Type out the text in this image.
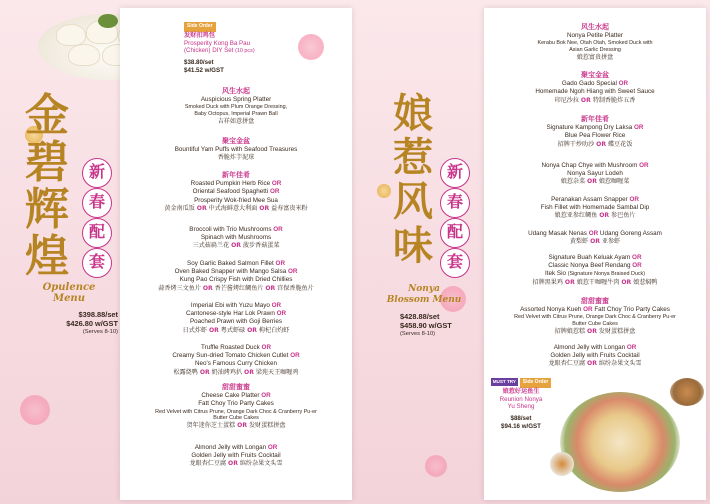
金
碧
辉
煌
新
春
配
套
Opulence
Menu
$398.88/set
$426.80 w/GST
(Serves 8-10)
Side Order
发财扣鸡包
Prosperity Kong Ba Pau
(Chicken) DIY Set (10 pcs)
$38.80/set
$41.52 w/GST
风生水起
Auspicious Spring Platter
Smoked Duck with Plum Orange Dressing,
Baby Octopus, Imperial Prawn Ball
吉祥如意拼盘
聚宝金盆
Bountiful Yam Puffs with Seafood Treasures
香脆炸芋泥球
新年佳肴
Roasted Pumpkin Herb Rice OR
Oriental Seafood Spaghetti OR
Prosperity Wok-fried Mee Sua
黄金南瓜饭 OR 中式海鲜意大利面 OR 益寿富贵米粉
Broccoli with Trio Mushrooms OR
Spinach with Mushrooms
三式菇扁兰花 OR 菠步香菇蛋菜
Soy Garlic Baked Salmon Fillet OR
Oven Baked Snapper with Mango Salsa OR
Kung Pao Crispy Fish with Dried Chillies
蒜香烤三文鱼片 OR 香芒酱烤红鲷鱼片 OR 宫保香脆鱼片
Imperial Ebi with Yuzu Mayo OR
Cantonese-style Har Lok Prawn OR
Poached Prawn with Goji Berries
日式炸虾 OR 粤式虾碌 OR 枸杞白灼虾
Truffle Roasted Duck OR
Creamy Sun-dried Tomato Chicken Cutlet OR
Neo's Famous Curry Chicken
松露烧鸭 OR 奶油烤鸡扒 OR 梁苑天王咖喱鸡
甜甜蜜蜜
Cheese Cake Platter OR
Fatt Choy Trio Party Cakes
Red Velvet with Citrus Prune, Orange Dark Choc & Cranberry Pu-er
Butter Cube Cakes
贺年迷你芝士蛋糕 OR 发财蛋糕拼盘
Almond Jelly with Longan OR
Golden Jelly with Fruits Cocktail
龙眼杏仁豆腐 OR 缤纷杂果文头雪
娘
惹
风
味
新
春
配
套
Nonya
Blossom Menu
$428.88/set
$458.90 w/GST
(Serves 8-10)
风生水起
Nonya Petite Platter
Kerabu Bok Nee, Otah Otah, Smoked Duck with
Asian Garlic Dressing
娘惹富贵拼盘
聚宝金盆
Gado Gado Special OR
Homemade Ngoh Hiang with Sweet Sauce
印尼沙拉 OR 特制香脆炸五香
新年佳肴
Signature Kampong Dry Laksa OR
Blue Pea Flower Rice
招牌干炒叻沙 OR 蝶豆花饭
Nonya Chap Chye with Mushroom OR
Nonya Sayur Lodeh
娘惹杂菜 OR 娘惹咖喱菜
Peranakan Assam Snapper OR
Fish Fillet with Homemade Sambal Dip
娘惹亚参红鲷鱼 OR 参巴鱼片
Udang Masak Nenas OR Udang Goreng Assam
黄梨虾 OR 亚参虾
Signature Buah Keluak Ayam OR
Classic Nonya Beef Rendang OR
Itek Sio (Signature Nonya Braised Duck)
招牌黑果鸡 OR 娘惹干咖喱牛肉 OR 娘惹焖鸭
甜甜蜜蜜
Assorted Nonya Kueh OR Fatt Choy Trio Party Cakes
Red Velvet with Citrus Prune, Orange Dark Choc & Cranberry Pu-er
Butter Cube Cakes
招牌娘惹糕 OR 发财蛋糕拼盘
Almond Jelly with Longan OR
Golden Jelly with Fruits Cocktail
龙眼杏仁豆腐 OR 缤纷杂果文头雪
MUST TRY Side Order
娘惹好运鱼生
Reunion Nonya
Yu Sheng
$88/set
$94.16 w/GST
